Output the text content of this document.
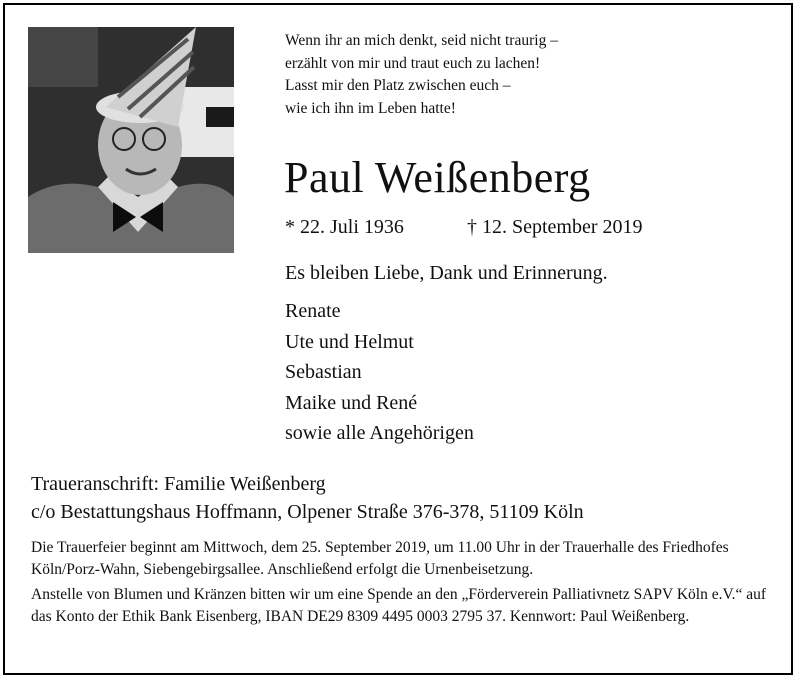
Wenn ihr an mich denkt, seid nicht traurig –
erzählt von mir und traut euch zu lachen!
Lasst mir den Platz zwischen euch –
wie ich ihn im Leben hatte!
Paul Weißenberg
* 22. Juli 1936	† 12. September 2019
Es bleiben Liebe, Dank und Erinnerung.
Renate
Ute und Helmut
Sebastian
Maike und René
sowie alle Angehörigen
Traueranschrift: Familie Weißenberg
c/o Bestattungshaus Hoffmann, Olpener Straße 376-378, 51109 Köln

Die Trauerfeier beginnt am Mittwoch, dem 25. September 2019, um 11.00 Uhr in der Trauerhalle des Friedhofes Köln/Porz-Wahn, Siebengebirgsallee. Anschließend erfolgt die Urnenbeisetzung.

Anstelle von Blumen und Kränzen bitten wir um eine Spende an den „Förderverein Palliativnetz SAPV Köln e.V.“ auf das Konto der Ethik Bank Eisenberg, IBAN DE29 8309 4495 0003 2795 37. Kennwort: Paul Weißenberg.
